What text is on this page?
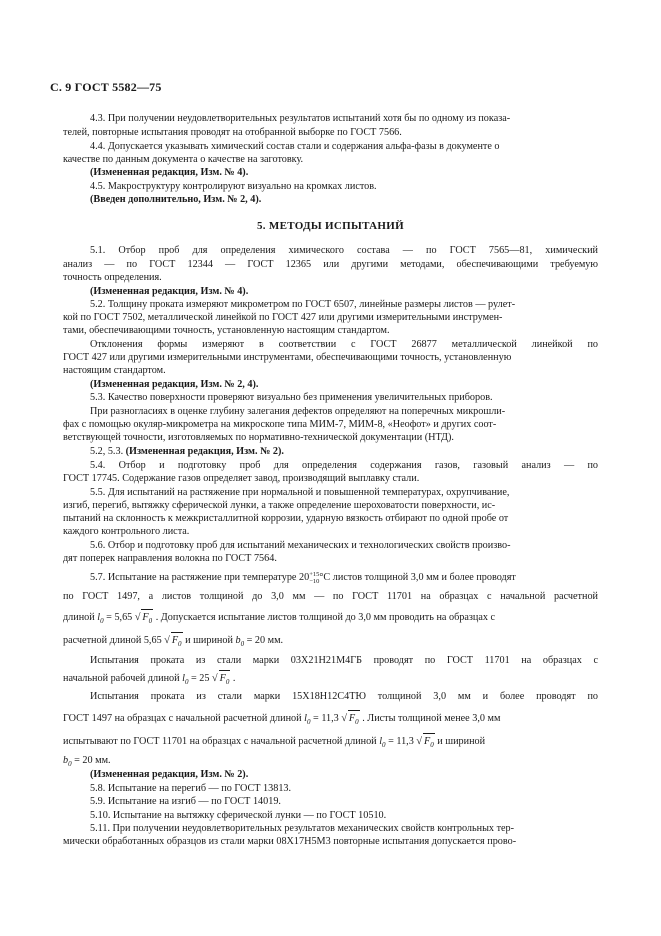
С. 9 ГОСТ 5582—75
4.3. При получении неудовлетворительных результатов испытаний хотя бы по одному из показа-
телей, повторные испытания проводят на отобранной выборке по ГОСТ 7566.
4.4. Допускается указывать химический состав стали и содержания альфа-фазы в документе о
качестве по данным документа о качестве на заготовку.
(Измененная редакция, Изм. № 4).
4.5. Макроструктуру контролируют визуально на кромках листов.
(Введен дополнительно, Изм. № 2, 4).
5. МЕТОДЫ ИСПЫТАНИЙ
5.1. Отбор проб для определения химического состава — по ГОСТ 7565—81, химический
анализ — по ГОСТ 12344 — ГОСТ 12365 или другими методами, обеспечивающими требуемую
точность определения.
(Измененная редакция, Изм. № 4).
5.2. Толщину проката измеряют микрометром по ГОСТ 6507, линейные размеры листов — рулет-
кой по ГОСТ 7502, металлической линейкой по ГОСТ 427 или другими измерительными инструмен-
тами, обеспечивающими точность, установленную настоящим стандартом.
Отклонения формы измеряют в соответствии с ГОСТ 26877 металлической линейкой по
ГОСТ 427 или другими измерительными инструментами, обеспечивающими точность, установленную
настоящим стандартом.
(Измененная редакция, Изм. № 2, 4).
5.3. Качество поверхности проверяют визуально без применения увеличительных приборов.
При разногласиях в оценке глубину залегания дефектов определяют на поперечных микрошли-
фах с помощью окуляр-микрометра на микроскопе типа МИМ-7, МИМ-8, «Неофот» и других соот-
ветствующей точности, изготовляемых по нормативно-технической документации (НТД).
5.2, 5.3. (Измененная редакция, Изм. № 2).
5.4. Отбор и подготовку проб для определения содержания газов, газовый анализ — по
ГОСТ 17745. Содержание газов определяет завод, производящий выплавку стали.
5.5. Для испытаний на растяжение при нормальной и повышенной температурах, охрупчивание,
изгиб, перегиб, вытяжку сферической лунки, а также определение шероховатости поверхности, ис-
пытаний на склонность к межкристаллитной коррозии, ударную вязкость отбирают по одной пробе от
каждого контрольного листа.
5.6. Отбор и подготовку проб для испытаний механических и технологических свойств произво-
дят поперек направления волокна по ГОСТ 7564.
5.7. Испытание на растяжение при температуре 20+15
−10°С листов толщиной 3,0 мм и более проводят
по ГОСТ 1497, а листов толщиной до 3,0 мм — по ГОСТ 11701 на образцах с начальной расчетной
длиной $l_0 = 5,65$ √ $F_0$ . Допускается испытание листов толщиной до 3,0 мм проводить на образцах с
расчетной длиной 5,65 √ $F_0$ и шириной $b_0 = 20$ мм.
Испытания проката из стали марки 03Х21Н21М4ГБ проводят по ГОСТ 11701 на образцах с
начальной рабочей длиной $l_0 = 25$ √ $F_0$ .
Испытания проката из стали марки 15Х18Н12С4ТЮ толщиной 3,0 мм и более проводят по
ГОСТ 1497 на образцах с начальной расчетной длиной $l_0 = 11,3$ √ $F_0$ . Листы толщиной менее 3,0 мм
испытывают по ГОСТ 11701 на образцах с начальной расчетной длиной $l_0 = 11,3$ √ $F_0$ и шириной
$b_0 = 20$ мм.
(Измененная редакция, Изм. № 2).
5.8. Испытание на перегиб — по ГОСТ 13813.
5.9. Испытание на изгиб — по ГОСТ 14019.
5.10. Испытание на вытяжку сферической лунки — по ГОСТ 10510.
5.11. При получении неудовлетворительных результатов механических свойств контрольных тер-
мически обработанных образцов из стали марки 08Х17Н5М3 повторные испытания допускается прово-
